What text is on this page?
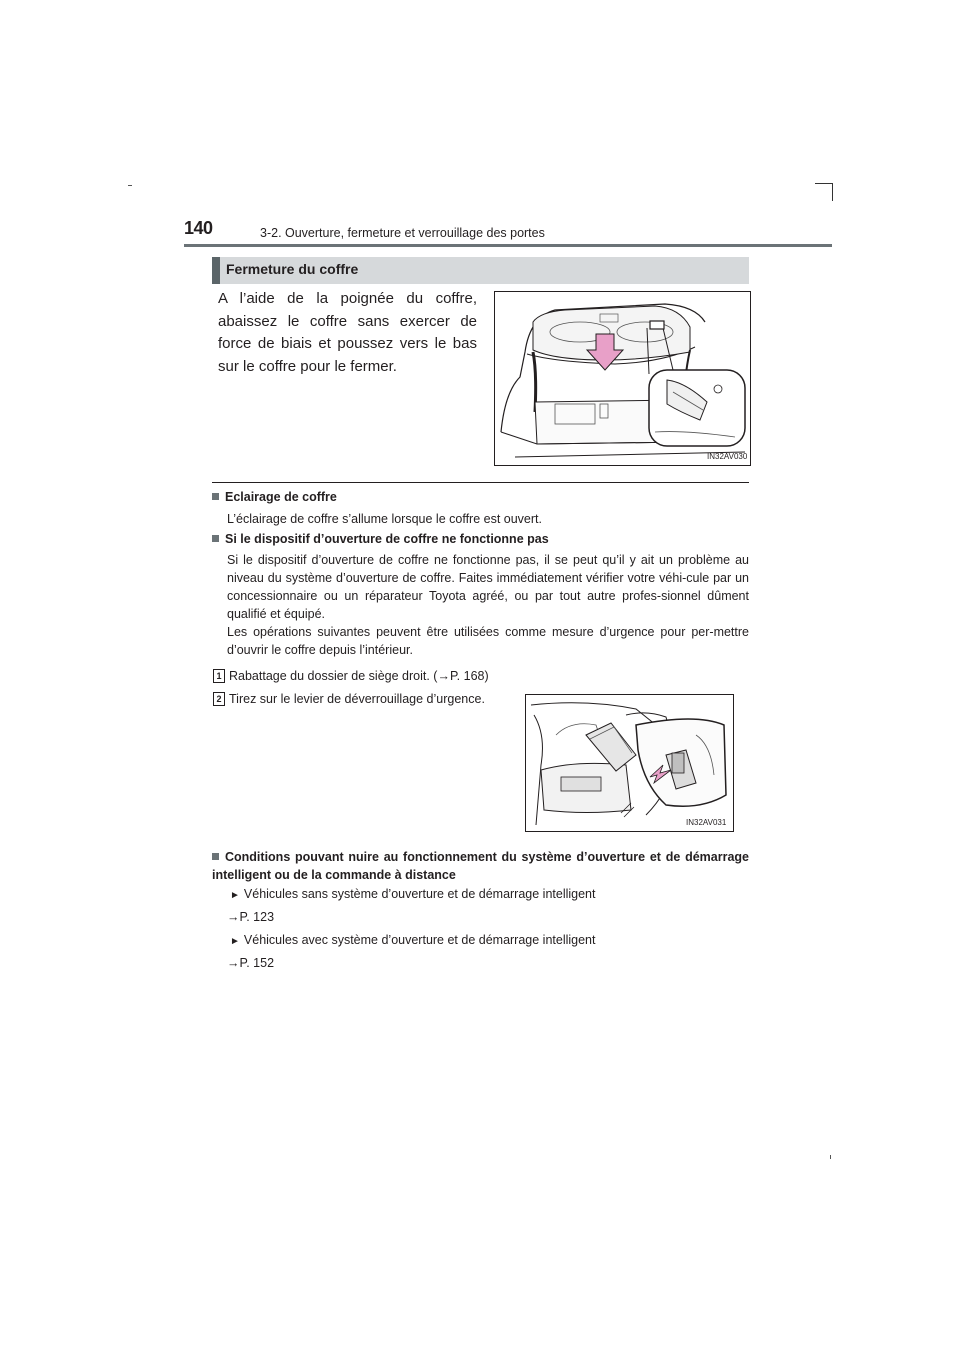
140	3-2. Ouverture, fermeture et verrouillage des portes
Fermeture du coffre
A l’aide de la poignée du coffre, abaissez le coffre sans exercer de force de biais et poussez vers le bas sur le coffre pour le fermer.
IN32AV030
Eclairage de coffre
L’éclairage de coffre s’allume lorsque le coffre est ouvert.
Si le dispositif d’ouverture de coffre ne fonctionne pas
Si le dispositif d’ouverture de coffre ne fonctionne pas, il se peut qu’il y ait un problème au niveau du système d’ouverture de coffre. Faites immédiatement vérifier votre véhi-cule par un concessionnaire ou un réparateur Toyota agréé, ou par tout autre profes-sionnel dûment qualifié et équipé.
Les opérations suivantes peuvent être utilisées comme mesure d’urgence pour per-mettre d’ouvrir le coffre depuis l’intérieur.
1 Rabattage du dossier de siège droit. (→P. 168)
2 Tirez sur le levier de déverrouillage d’urgence.
IN32AV031
Conditions pouvant nuire au fonctionnement du système d’ouverture et de démarrage intelligent ou de la commande à distance
► Véhicules sans système d’ouverture et de démarrage intelligent
→P. 123
► Véhicules avec système d’ouverture et de démarrage intelligent
→P. 152
